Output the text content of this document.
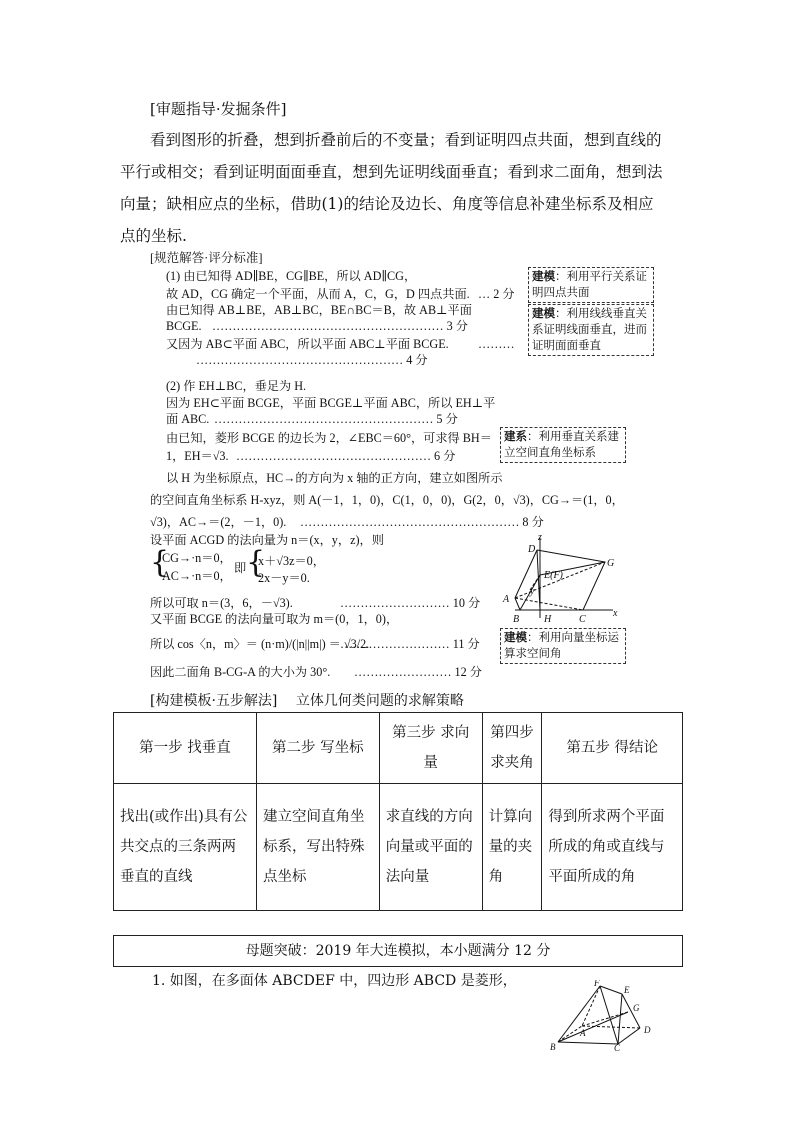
[审题指导·发掘条件]

看到图形的折叠，想到折叠前后的不变量；看到证明四点共面，想到直线的

平行或相交；看到证明面面垂直，想到先证明线面垂直；看到求二面角，想到法

向量；缺相应点的坐标，借助(1)的结论及边长、角度等信息补建坐标系及相应

点的坐标.

[规范解答·评分标准]
(1) 由已知得 AD∥BE，CG∥BE，所以 AD∥CG，
故 AD，CG 确定一个平面，从而 A，C，G，D 四点共面. … 2 分
由已知得 AB⊥BE，AB⊥BC，BE∩BC＝B，故 AB⊥平面
BCGE. ………………………………………………… 3 分
又因为 AB⊂平面 ABC，所以平面 ABC⊥平面 BCGE. ………
…………………………………………… 4 分
建模：利用平行关系证明四点共面
建模：利用线线垂直关系证明线面垂直，进而证明面面垂直
(2) 作 EH⊥BC，垂足为 H.
因为 EH⊂平面 BCGE，平面 BCGE⊥平面 ABC，所以 EH⊥平
面 ABC. ……………………………………………… 5 分
由已知，菱形 BCGE 的边长为 2，∠EBC＝60°，可求得 BH＝
1，EH＝√3. ………………………………………… 6 分
以 H 为坐标原点，HC→的方向为 x 轴的正方向，建立如图所示
的空间直角坐标系 H-xyz，则 A(－1，1，0)，C(1，0，0)，G(2，0，√3)，CG→＝(1，0，
√3)，AC→＝(2，－1，0). ……………………………………………… 8 分
设平面 ACGD 的法向量为 n＝(x，y，z)，则
{
CG→·n＝0，
AC→·n＝0，
即 {
x＋√3z＝0，
2x－y＝0.
所以可取 n＝(3，6，－√3).	……………………… 10 分
又平面 BCGE 的法向量可取为 m＝(0，1，0)，
所以 cos〈n，m〉＝ (n·m)/(|n||m|) ＝ √3/2.
……………………… 11 分
因此二面角 B-CG-A 的大小为 30°. …………………… 12 分
建系：利用垂直关系建立空间直角坐标系
建模：利用向量坐标运算求空间角
D
z
E(F)
G
A
y
B H	C
x
[构建模板·五步解法] 立体几何类问题的求解策略
第一步 找垂直	第二步 写坐标	第三步 求向量	第四步 求夹角	第五步 得结论
找出(或作出)具有公共交点的三条两两垂直的直线	建立空间直角坐标系，写出特殊点坐标	求直线的方向向量或平面的法向量	计算向量的夹角	得到所求两个平面所成的角或直线与平面所成的角
母题突破：2019 年大连模拟，本小题满分 12 分
1. 如图，在多面体 ABCDEF 中，四边形 ABCD 是菱形，	F
E
G
D
A
B	C
